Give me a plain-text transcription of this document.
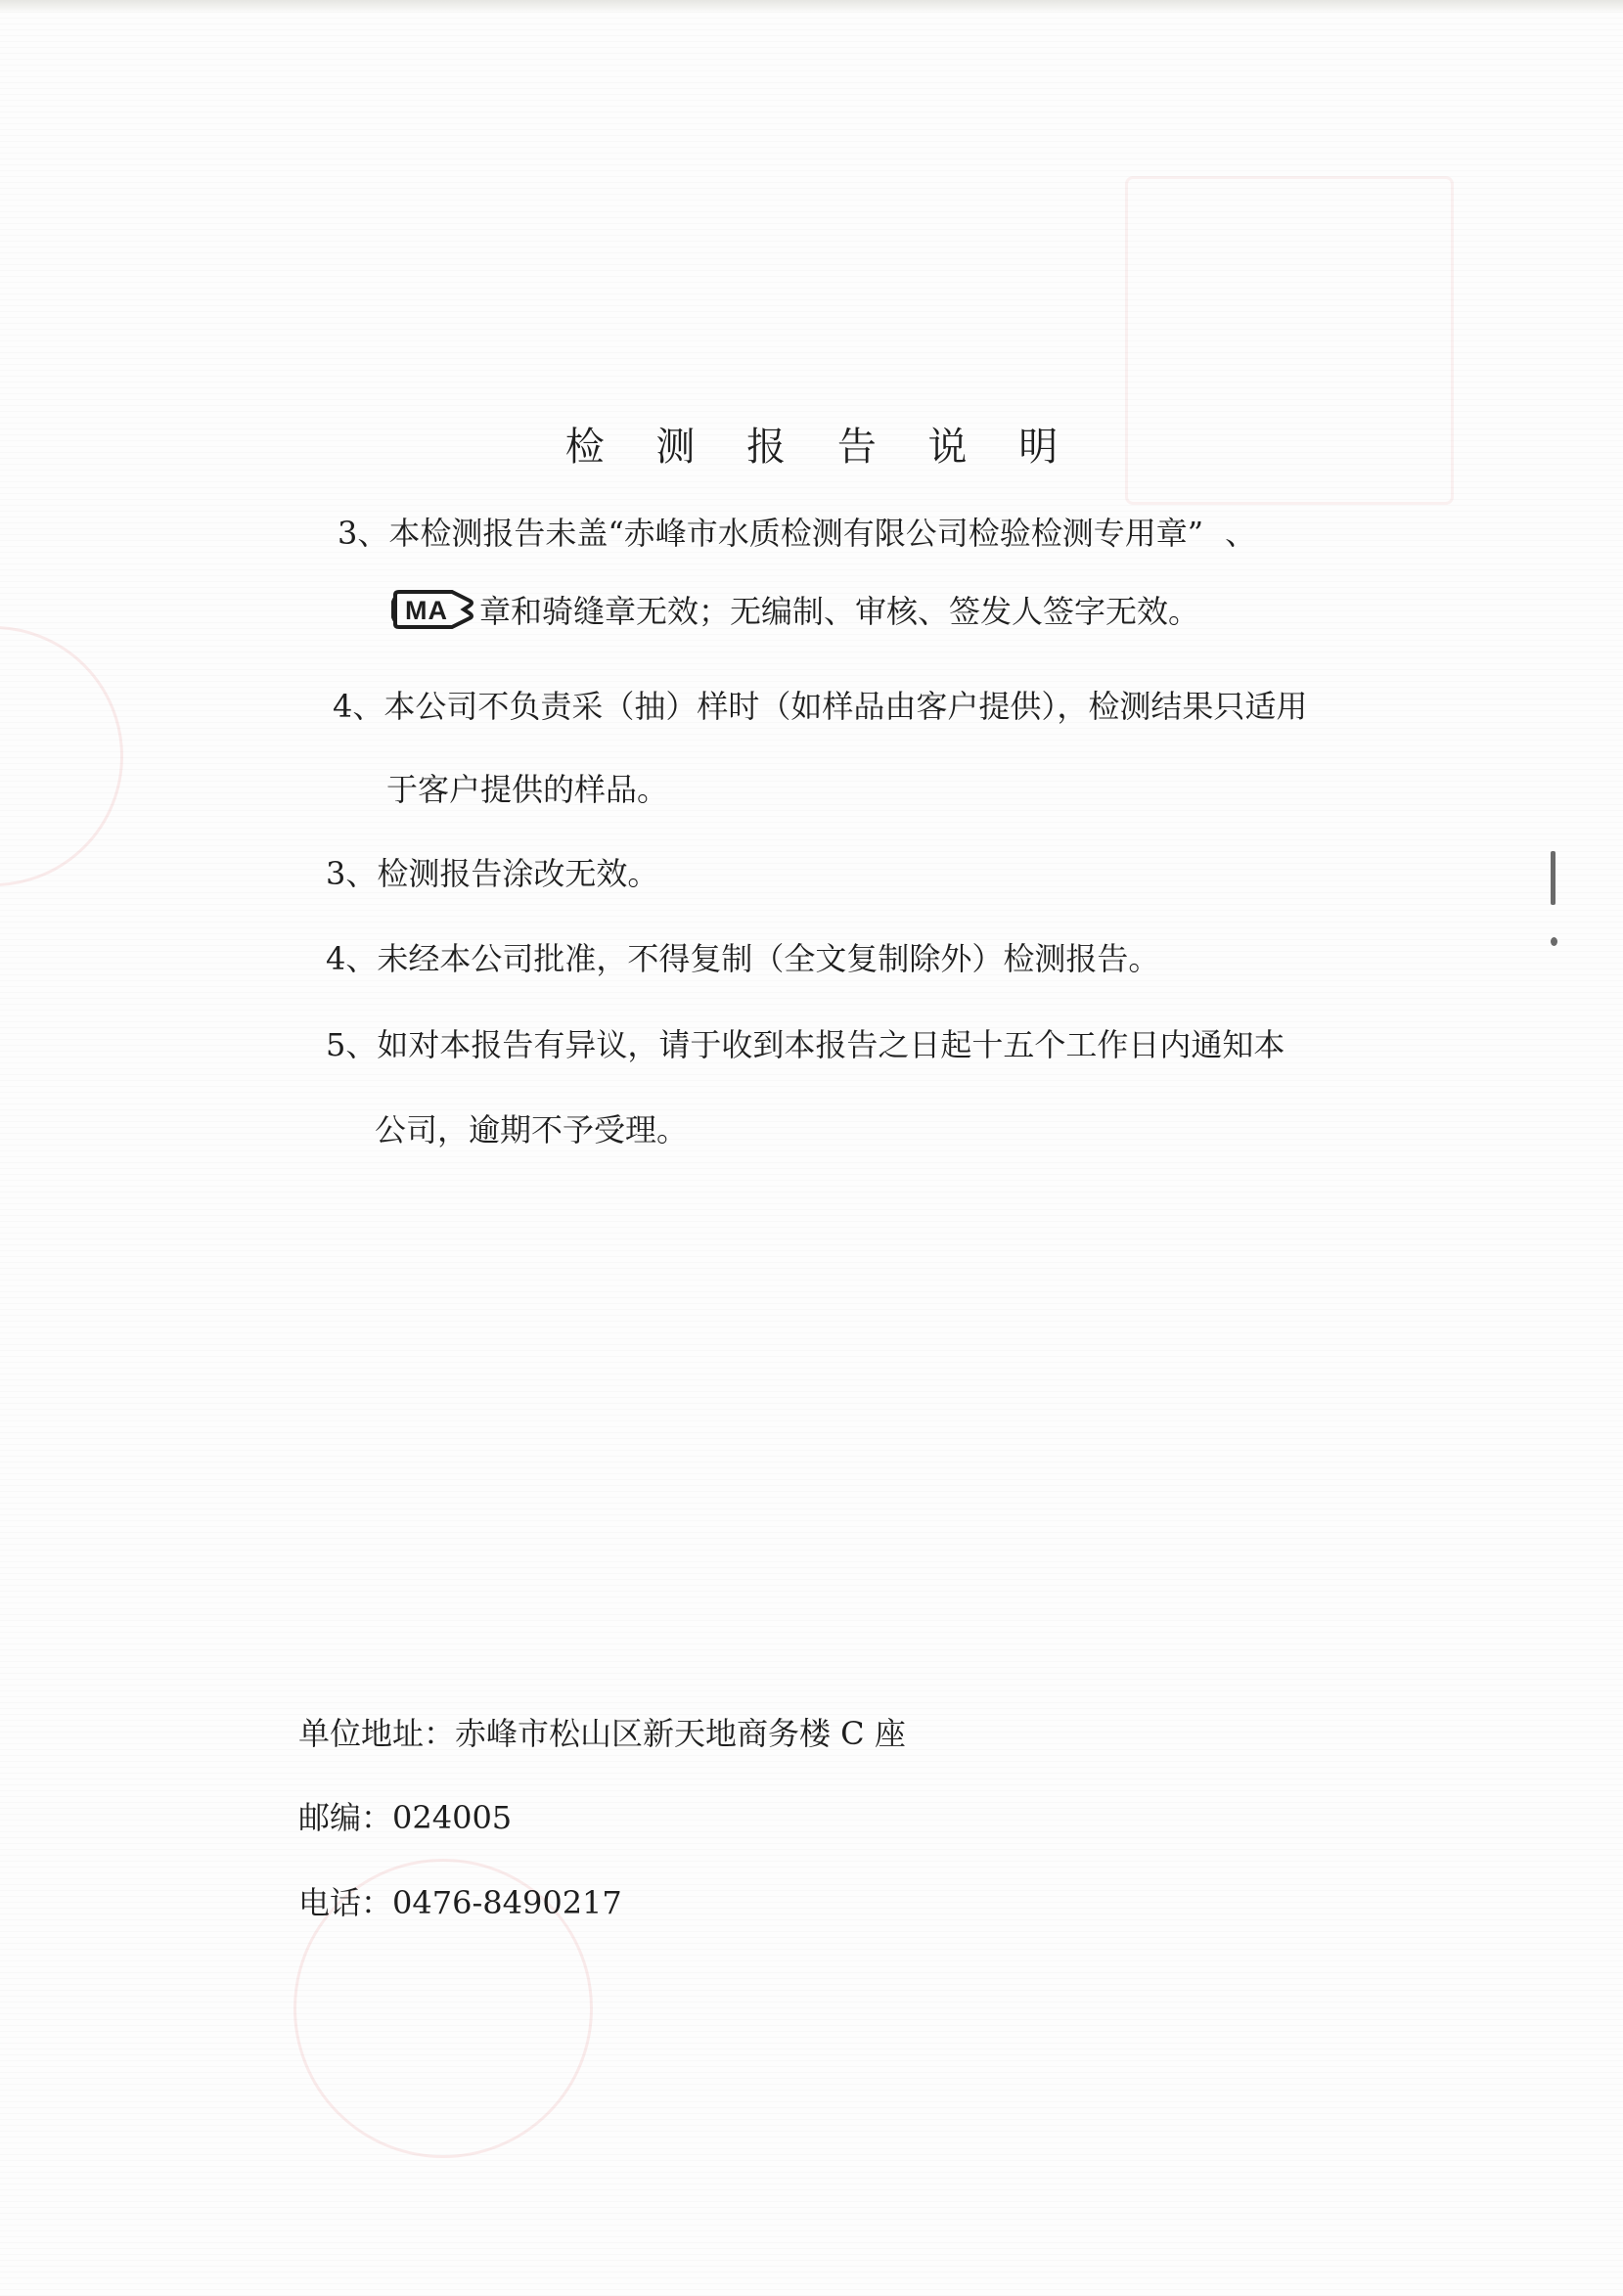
检 测 报 告 说 明
3、本检测报告未盖“赤峰市水质检测有限公司检验检测专用章” 、
MA 章和骑缝章无效；无编制、审核、签发人签字无效。
4、本公司不负责采（抽）样时（如样品由客户提供），检测结果只适用
于客户提供的样品。
3、检测报告涂改无效。
4、未经本公司批准，不得复制（全文复制除外）检测报告。
5、如对本报告有异议，请于收到本报告之日起十五个工作日内通知本
公司，逾期不予受理。
单位地址：赤峰市松山区新天地商务楼 C 座
邮编：024005
电话：0476-8490217
